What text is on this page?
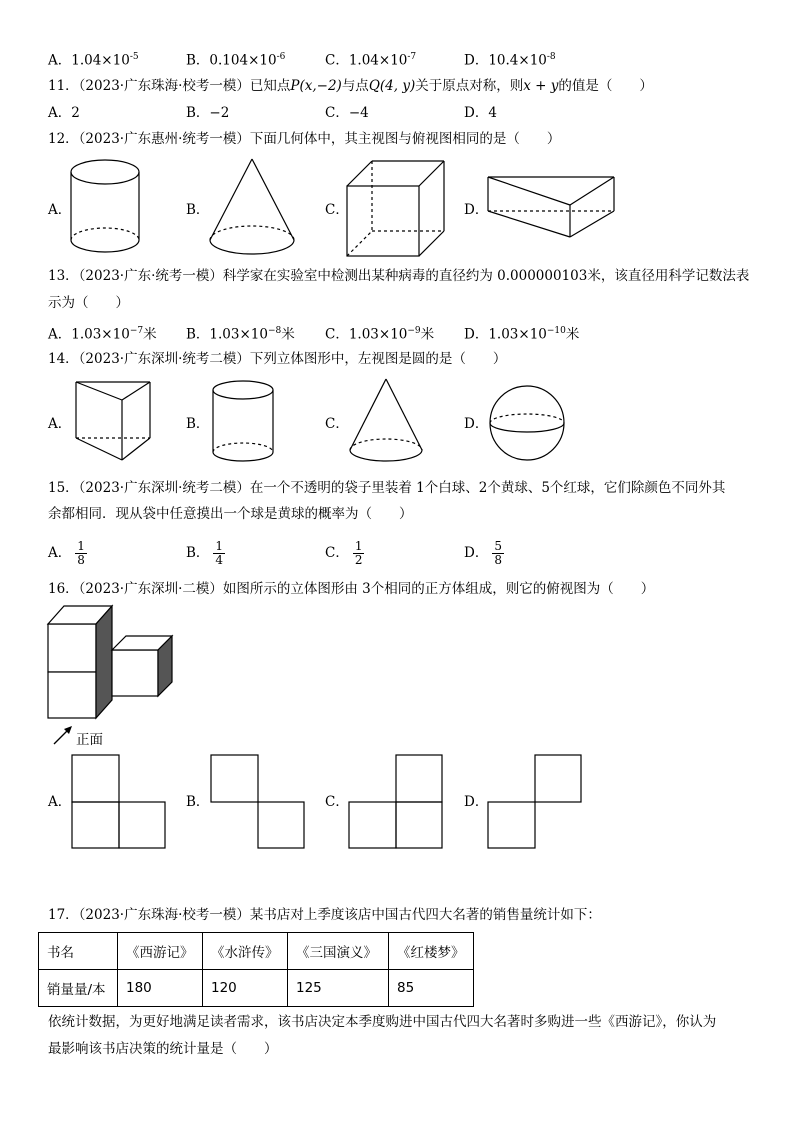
A．$1.04\times 10^{-5}$	B．$0.104\times 10^{-6}$	C．$1.04\times 10^{-7}$	D．$10.4\times 10^{-8}$
11．（2023·广东珠海·校考一模）已知点P(x,−2)与点Q(4, y)关于原点对称，则x + y的值是（　　）
A．2	B．−2	C．−4	D．4
12．（2023·广东惠州·统考一模）下面几何体中，其主视图与俯视图相同的是（　　）
A．	B．	C．	D．
13．（2023·广东·统考一模）科学家在实验室中检测出某种病毒的直径约为 0.000000103米，该直径用科学记数法表
示为（　　）
A．$1.03\times 10^{-7}$米 B．$1.03\times 10^{-8}$米 C．$1.03\times 10^{-9}$米 D．$1.03\times 10^{-10}$米
14．（2023·广东深圳·统考二模）下列立体图形中，左视图是圆的是（　　）
A．	B．	C．	D．
15．（2023·广东深圳·统考二模）在一个不透明的袋子里装着 1个白球、2个黄球、5个红球，它们除颜色不同外其
余都相同．现从袋中任意摸出一个球是黄球的概率为（　　）
A． $\frac{1}{8}$	B． $\frac{1}{4}$	C． $\frac{1}{2}$	D． $\frac{5}{8}$
16．（2023·广东深圳·二模）如图所示的立体图形由 3个相同的正方体组成，则它的俯视图为（　　）
正面
A．	B．	C．	D．
17．（2023·广东珠海·校考一模）某书店对上季度该店中国古代四大名著的销售量统计如下：
书名	《西游记》	《水浒传》	《三国演义》	《红楼梦》
销量量/本	180	120	125	85
依统计数据，为更好地满足读者需求，该书店决定本季度购进中国古代四大名著时多购进一些《西游记》，你认为
最影响该书店决策的统计量是（　　）
